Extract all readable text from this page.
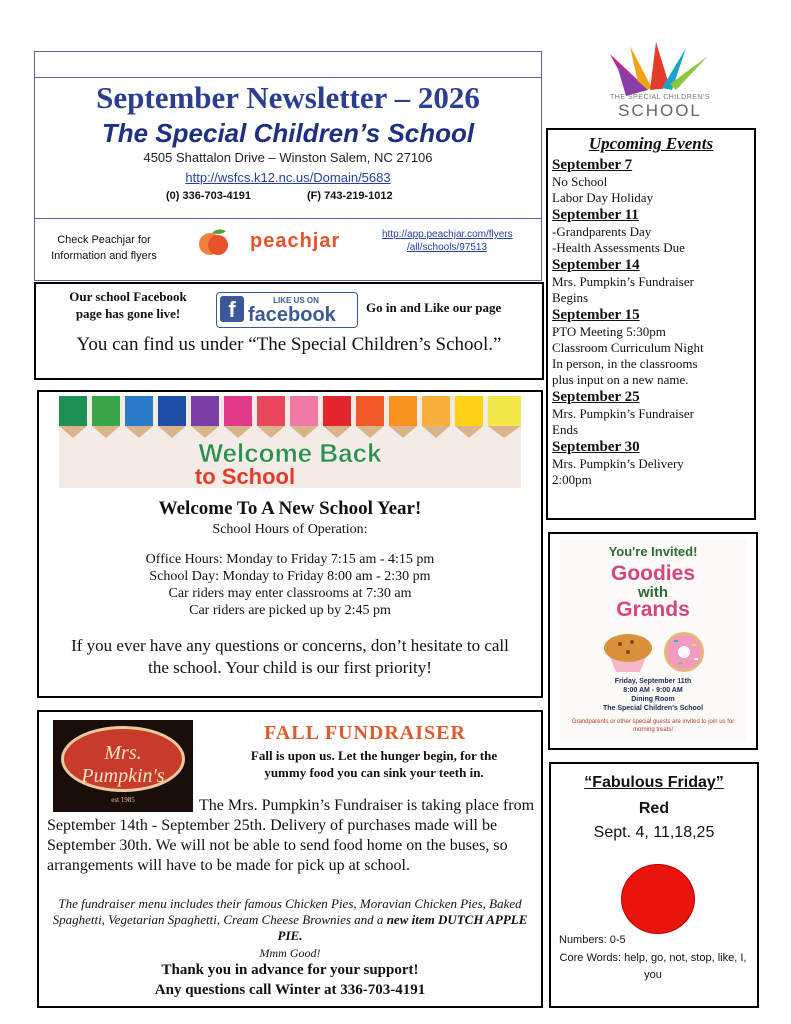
September Newsletter – 2026
The Special Children’s School
4505 Shattalon Drive – Winston Salem, NC 27106
http://wsfcs.k12.nc.us/Domain/5683
(0) 336-703-4191	(F) 743-219-1012
Check Peachjar for
Information and flyers
peachjar	http://app.peachjar.com/flyers
/all/schools/97513
THE SPECIAL CHILDREN'S
SCHOOL
Our school Facebook
page has gone live!
LIKE US ON
f facebook Go in and Like our page
You can find us under “The Special Children’s School.”
Welcome Back
to School
Welcome To A New School Year!
School Hours of Operation:
Office Hours: Monday to Friday 7:15 am - 4:15 pm
School Day: Monday to Friday 8:00 am - 2:30 pm
Car riders may enter classrooms at 7:30 am
Car riders are picked up by 2:45 pm
If you ever have any questions or concerns, don’t hesitate to call
the school. Your child is our first priority!
Mrs. Pumpkin's
est 1985
FALL FUNDRAISER
Fall is upon us. Let the hunger begin, for the
yummy food you can sink your teeth in.
The Mrs. Pumpkin’s Fundraiser is taking place from September 14th - September 25th. Delivery of purchases made will be September 30th. We will not be able to send food home on the buses, so arrangements will have to be made for pick up at school.
The fundraiser menu includes their famous Chicken Pies, Moravian Chicken Pies, Baked Spaghetti, Vegetarian Spaghetti, Cream Cheese Brownies and a new item DUTCH APPLE PIE.
Mmm Good!
Thank you in advance for your support!
Any questions call Winter at 336-703-4191
Upcoming Events
September 7
No School
Labor Day Holiday
September 11
-Grandparents Day
-Health Assessments Due
September 14
Mrs. Pumpkin’s Fundraiser
Begins
September 15
PTO Meeting 5:30pm
Classroom Curriculum Night
In person, in the classrooms
plus input on a new name.
September 25
Mrs. Pumpkin’s Fundraiser
Ends
September 30
Mrs. Pumpkin’s Delivery
2:00pm
You're Invited!
Goodies
with
Grands
Friday, September 11th
8:00 AM - 9:00 AM
Dining Room
The Special Children's School
Grandparents or other special guests are invited to join us for morning treats!
“Fabulous Friday”
Red
Sept. 4, 11,18,25
Numbers: 0-5
Core Words: help, go, not, stop, like, I, you
